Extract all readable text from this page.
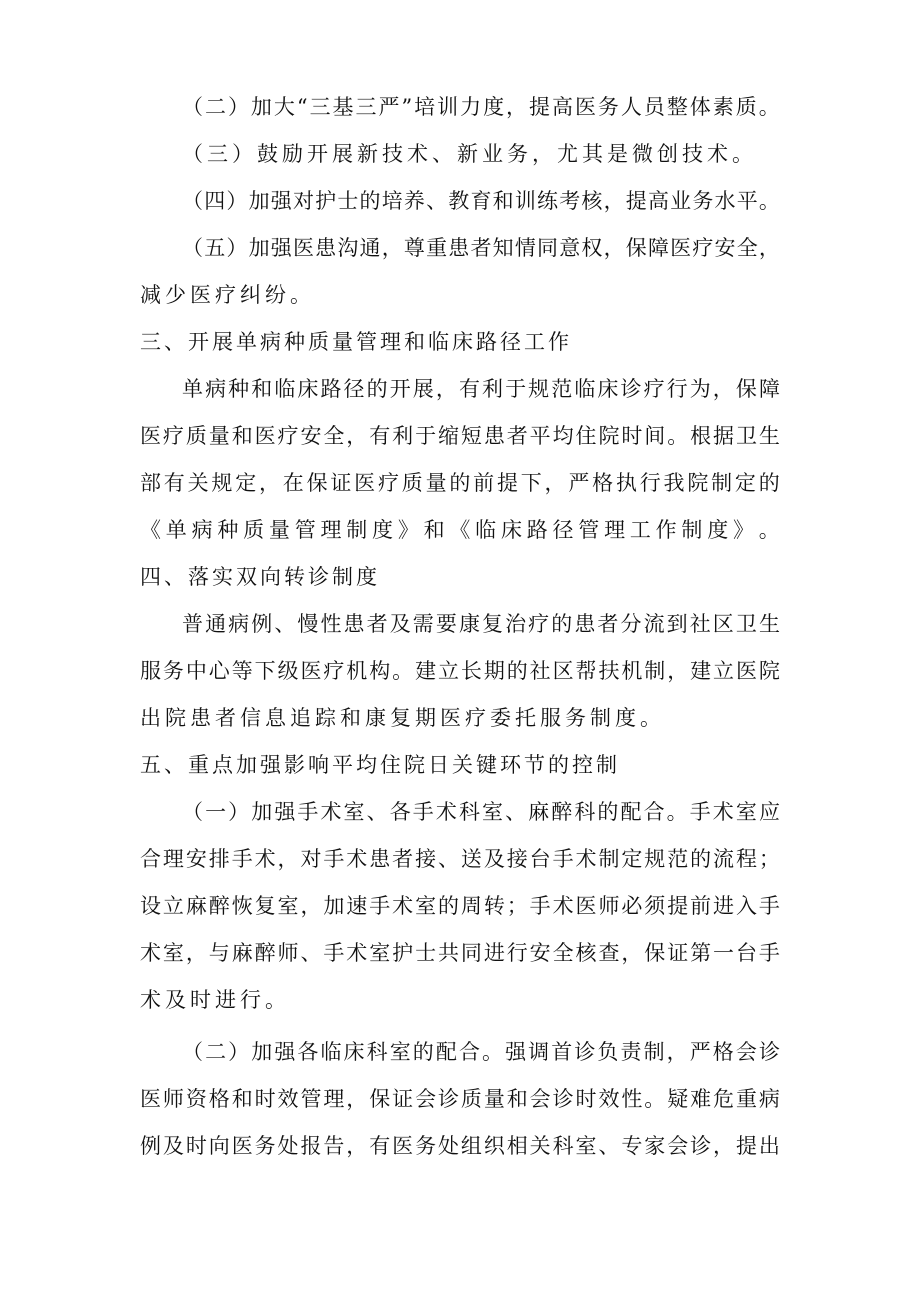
（ 二 ） 加 大 “ 三 基 三 严 ” 培 训 力 度 ， 提 高 医 务 人 员 整 体 素 质 。
（三）鼓励开展新技术、新业务，尤其是微创技术。
（ 四 ） 加 强 对 护 士 的 培 养 、 教 育 和 训 练 考 核 ， 提 高 业 务 水 平 。
（ 五 ） 加 强 医 患 沟 通 ， 尊 重 患 者 知 情 同 意 权 ， 保 障 医 疗 安 全 ，
减少医疗纠纷。
三、开展单病种质量管理和临床路径工作
单 病 种 和 临 床 路 径 的 开 展 ， 有 利 于 规 范 临 床 诊 疗 行 为 ， 保 障
医 疗 质 量 和 医 疗 安 全 ， 有 利 于 缩 短 患 者 平 均 住 院 时 间 。 根 据 卫 生
部 有 关 规 定 ， 在 保 证 医 疗 质 量 的 前 提 下 ， 严 格 执 行 我 院 制 定 的
《 单 病 种 质 量 管 理 制 度 》 和 《 临 床 路 径 管 理 工 作 制 度 》 。
四、落实双向转诊制度
普 通 病 例 、 慢 性 患 者 及 需 要 康 复 治 疗 的 患 者 分 流 到 社 区 卫 生
服 务 中 心 等 下 级 医 疗 机 构 。 建 立 长 期 的 社 区 帮 扶 机 制 ， 建 立 医 院
出院患者信息追踪和康复期医疗委托服务制度。
五、重点加强影响平均住院日关键环节的控制
（ 一 ） 加 强 手 术 室 、 各 手 术 科 室 、 麻 醉 科 的 配 合 。 手 术 室 应
合 理 安 排 手 术 ， 对 手 术 患 者 接 、 送 及 接 台 手 术 制 定 规 范 的 流 程 ；
设 立 麻 醉 恢 复 室 ， 加 速 手 术 室 的 周 转 ； 手 术 医 师 必 须 提 前 进 入 手
术 室 ， 与 麻 醉 师 、 手 术 室 护 士 共 同 进 行 安 全 核 查 ， 保 证 第 一 台 手
术及时进行。
（ 二 ） 加 强 各 临 床 科 室 的 配 合 。 强 调 首 诊 负 责 制 ， 严 格 会 诊
医 师 资 格 和 时 效 管 理 ， 保 证 会 诊 质 量 和 会 诊 时 效 性 。 疑 难 危 重 病
例 及 时 向 医 务 处 报 告 ， 有 医 务 处 组 织 相 关 科 室 、 专 家 会 诊 ， 提 出
